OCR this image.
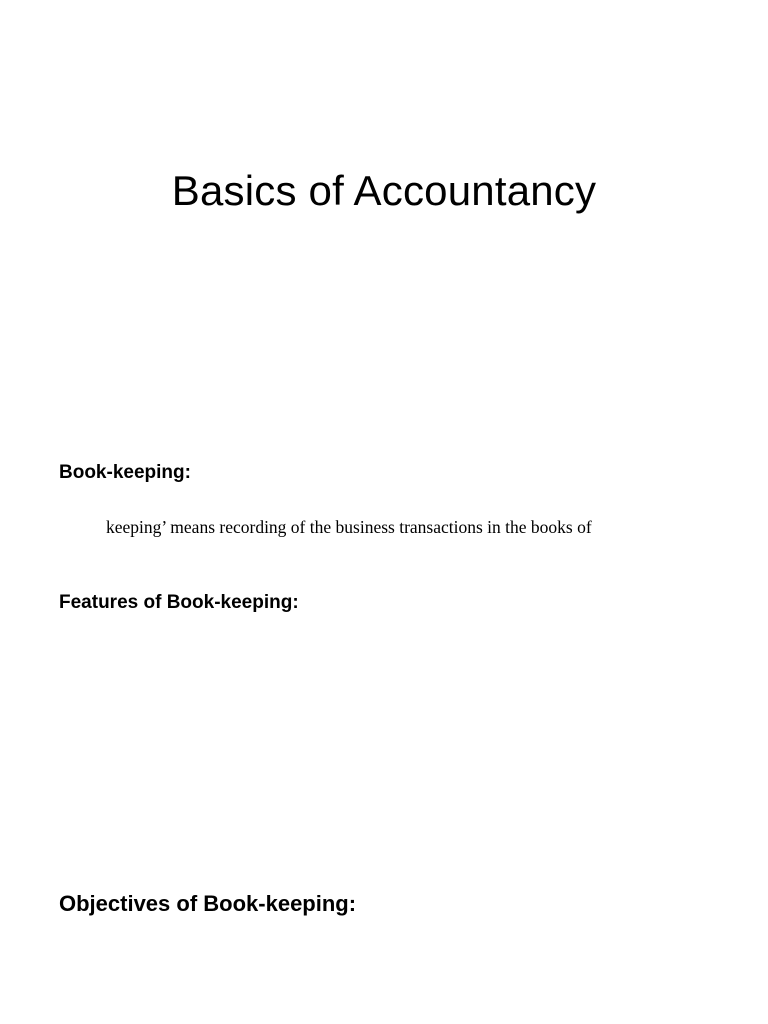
Basics of Accountancy
Book-keeping:

keeping’ means recording of the business transactions in the books of

Features of Book-keeping:
Objectives of Book-keeping:
